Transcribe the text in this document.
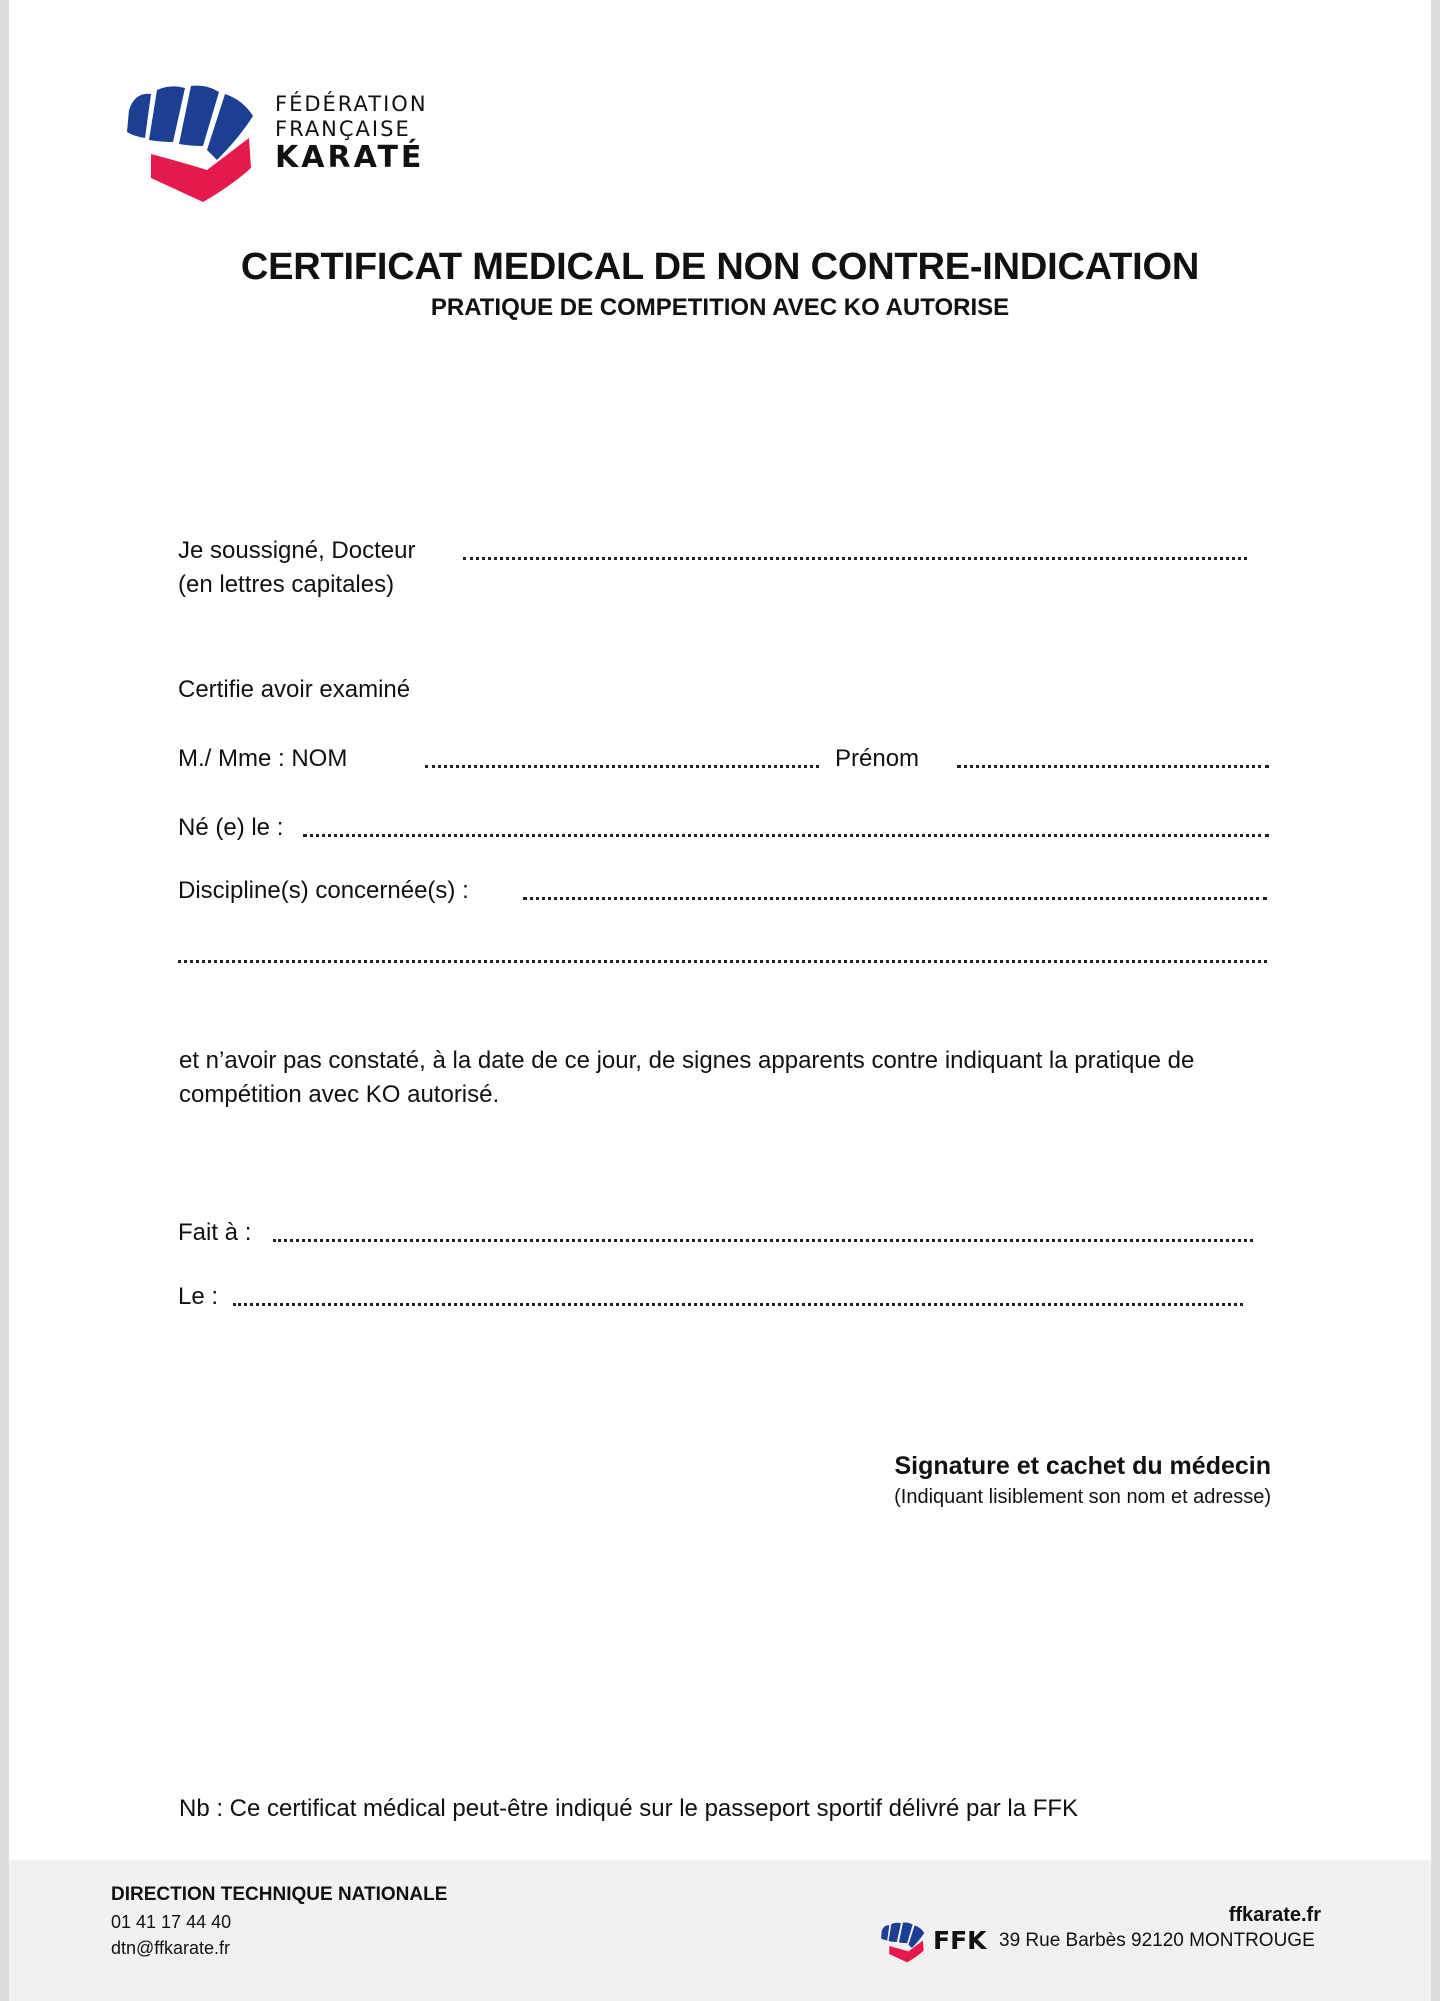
FÉDÉRATION
FRANÇAISE
KARATÉ
CERTIFICAT MEDICAL DE NON CONTRE-INDICATION
PRATIQUE DE COMPETITION AVEC KO AUTORISE
Je soussigné, Docteur
(en lettres capitales)
Certifie avoir examiné
M./ Mme : NOM	Prénom
Né (e) le :
Discipline(s) concernée(s) :
et n’avoir pas constaté, à la date de ce jour, de signes apparents contre indiquant la pratique de compétition avec KO autorisé.
Fait à :
Le :
Signature et cachet du médecin
(Indiquant lisiblement son nom et adresse)
Nb : Ce certificat médical peut-être indiqué sur le passeport sportif délivré par la FFK
DIRECTION TECHNIQUE NATIONALE
01 41 17 44 40
dtn@ffkarate.fr
ffkarate.fr
FFK 39 Rue Barbès 92120 MONTROUGE
